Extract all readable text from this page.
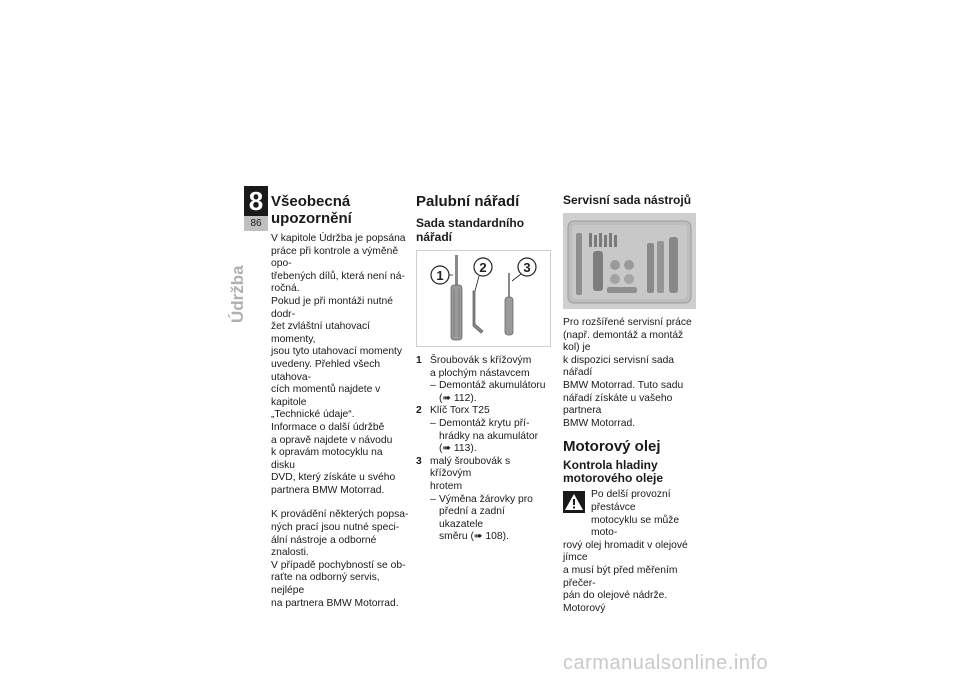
8
86
Údržba
Všeobecná upozornění

V kapitole Údržba je popsána

práce při kontrole a výměně opo-

třebených dílů, která není ná-

ročná.

Pokud je při montáži nutné dodr-

žet zvláštní utahovací momenty,

jsou tyto utahovací momenty

uvedeny. Přehled všech utahova-

cích momentů najdete v kapitole

„Technické údaje“.

Informace o další údržbě

a opravě najdete v návodu

k opravám motocyklu na disku

DVD, který získáte u svého

partnera BMW Motorrad.

K provádění některých popsa-

ných prací jsou nutné speci-

ální nástroje a odborné znalosti.

V případě pochybností se ob-

raťte na odborný servis, nejlépe

na partnera BMW Motorrad.

Palubní nářadí
Sada standardního nářadí
1
2	3
1 Šroubovák s křížovým

a plochým nástavcem

– Demontáž akumulátoru

(➠ 112).

2 Klíč Torx T25

– Demontáž krytu pří-

hrádky na akumulátor

(➠ 113).

3 malý šroubovák s křížovým

hrotem

– Výměna žárovky pro

přední a zadní ukazatele

směru (➠ 108).

Servisní sada nástrojů

Pro rozšířené servisní práce

(např. demontáž a montáž kol) je

k dispozici servisní sada nářadí

BMW Motorrad. Tuto sadu

nářadí získáte u vašeho partnera

BMW Motorrad.

Motorový olej
Kontrola hladiny
motorového oleje

Po delší provozní přestávce

motocyklu se může moto-

rový olej hromadit v olejové jímce

a musí být před měřením přečer-

pán do olejové nádrže. Motorový

carmanualsonline.info
